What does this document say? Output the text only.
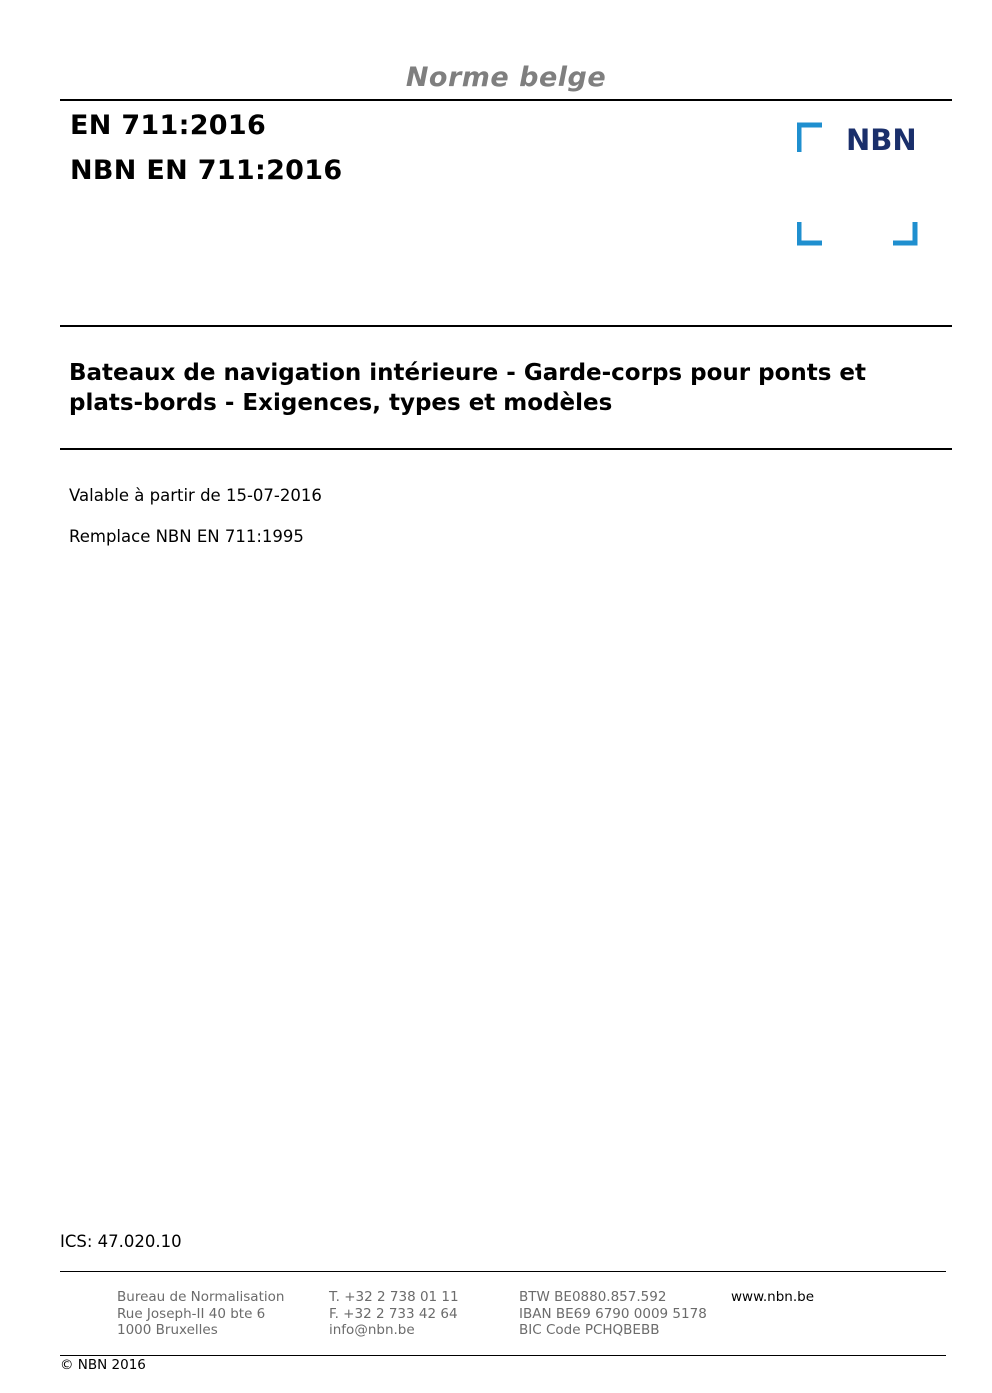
Norme belge
EN 711:2016
NBN EN 711:2016
NBN
Bateaux de navigation intérieure - Garde-corps pour ponts et
plats-bords - Exigences, types et modèles
Valable à partir de 15-07-2016
Remplace NBN EN 711:1995
ICS: 47.020.10
Bureau de Normalisation
Rue Joseph-II 40 bte 6
1000 Bruxelles
T. +32 2 738 01 11
F. +32 2 733 42 64
info@nbn.be
BTW BE0880.857.592
IBAN BE69 6790 0009 5178
BIC Code PCHQBEBB
www.nbn.be
© NBN 2016
